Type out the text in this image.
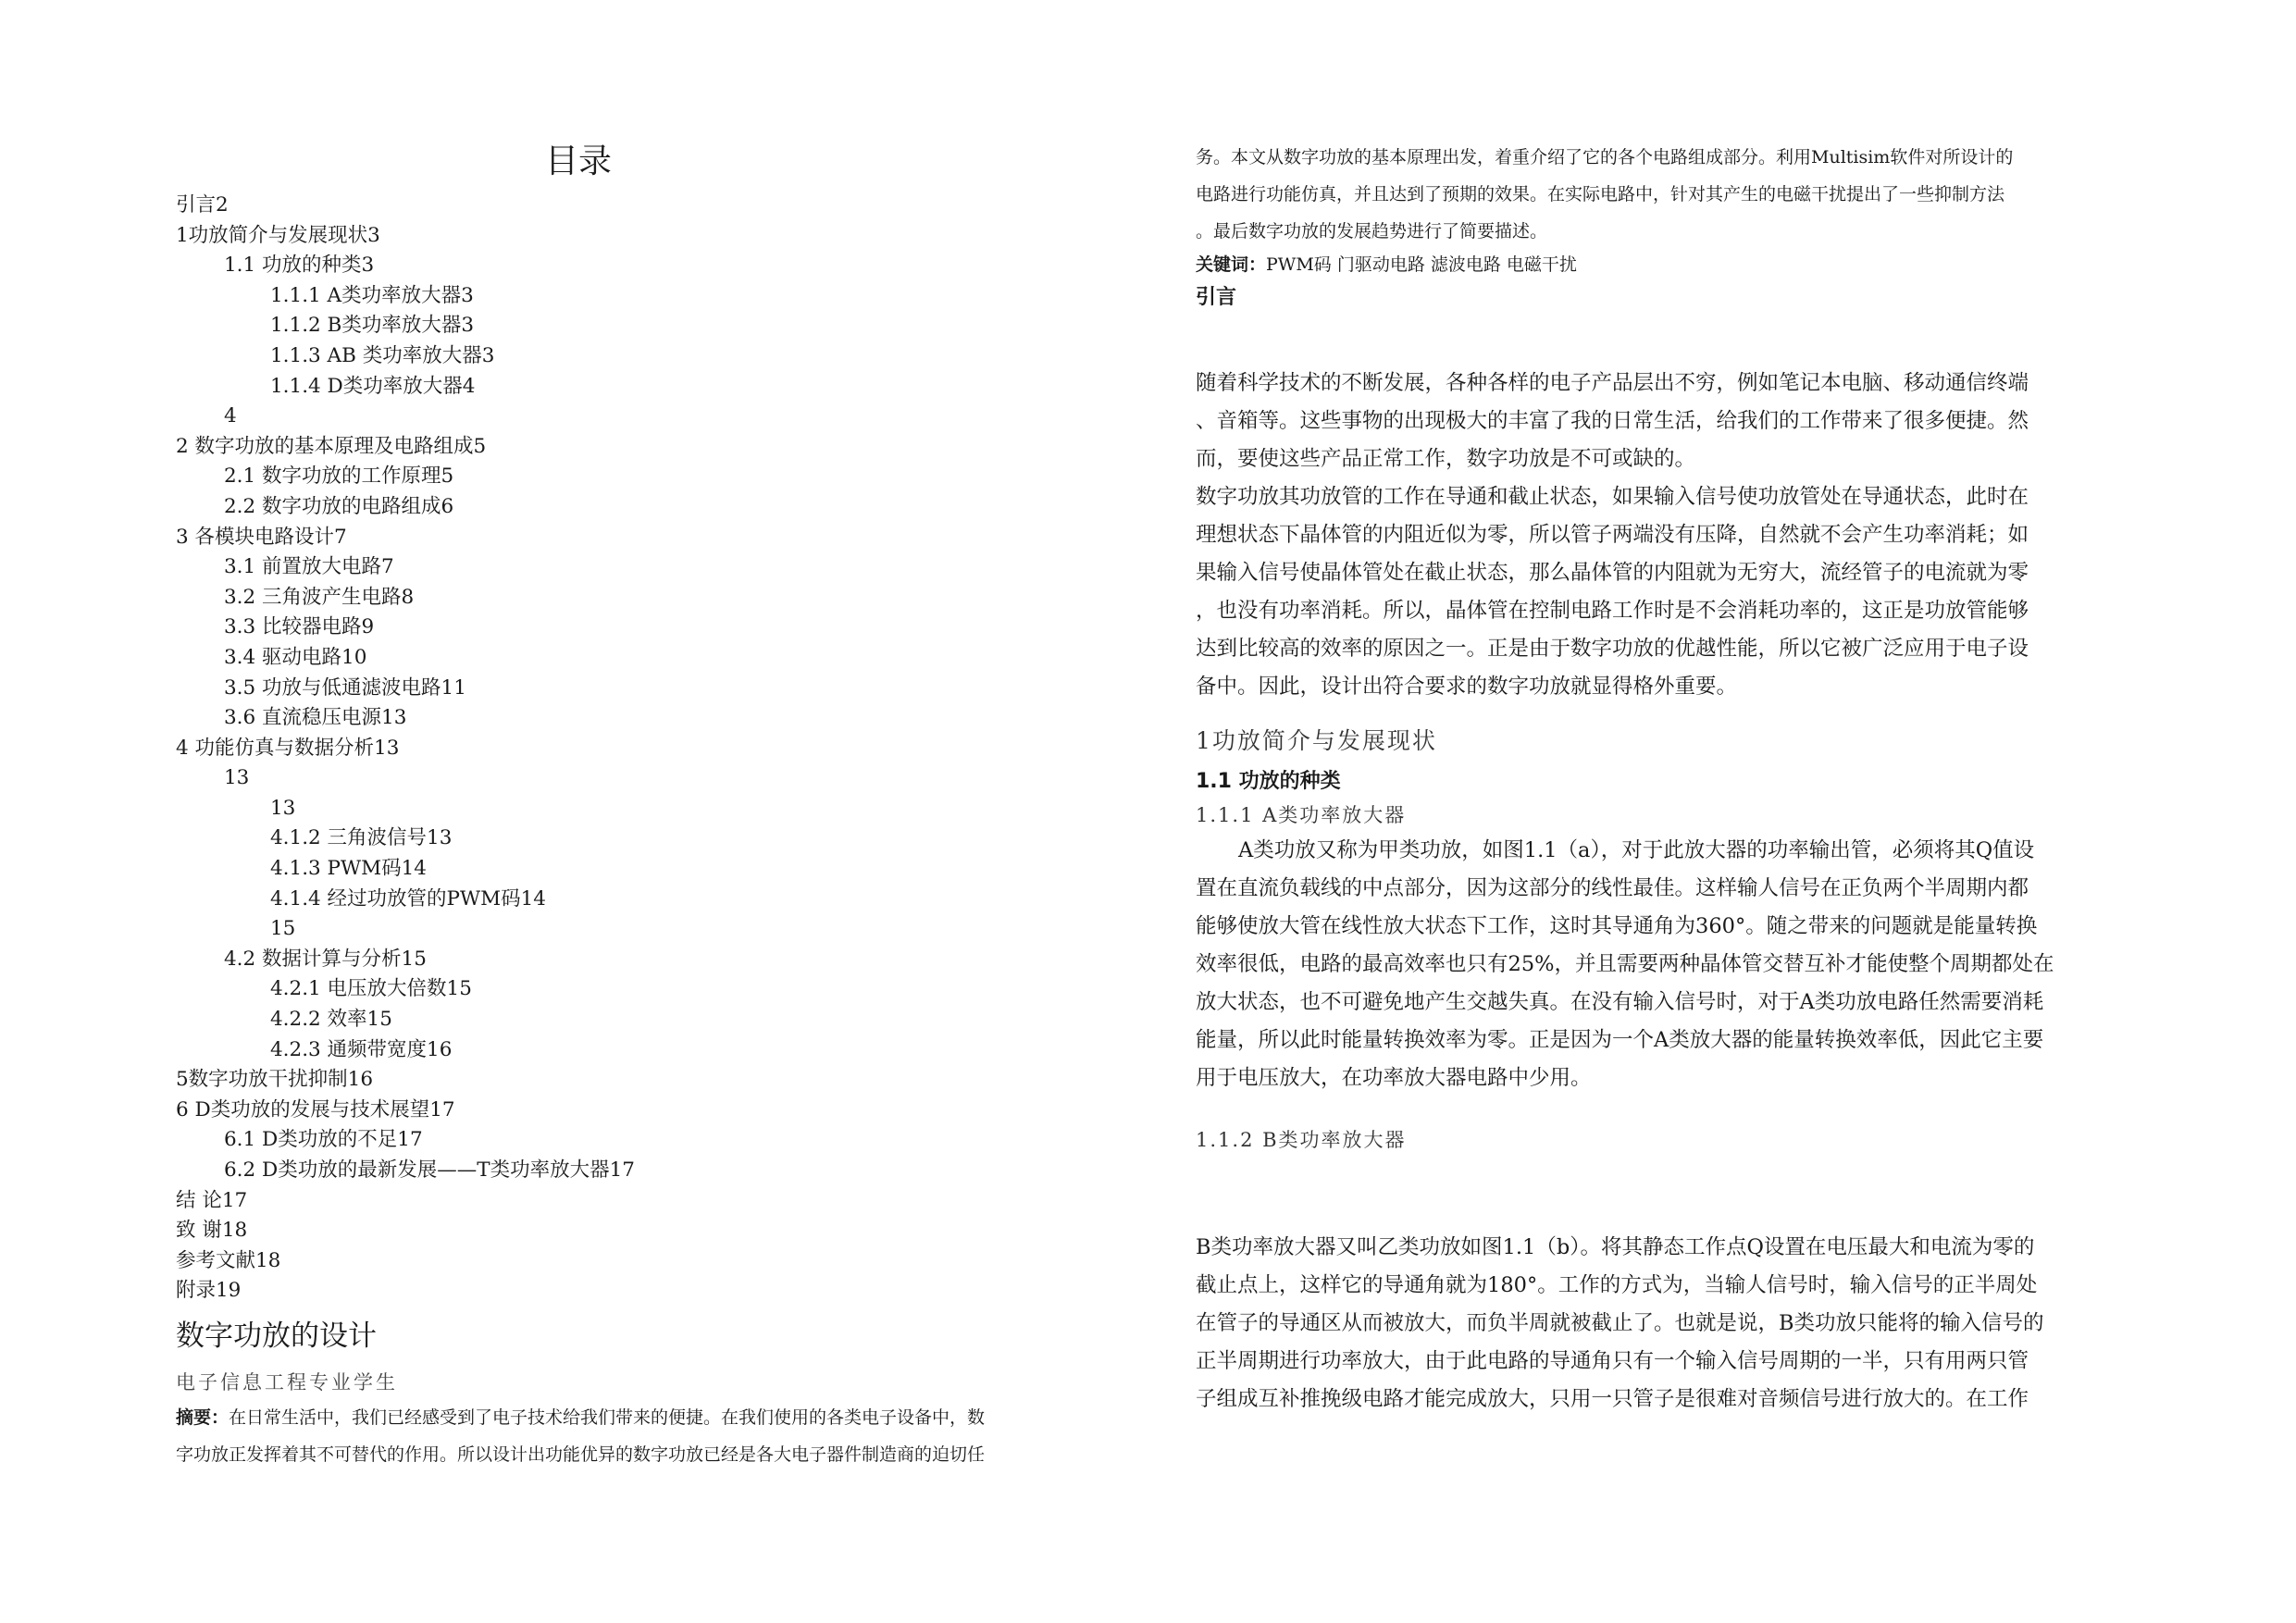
目录
引言2
1功放简介与发展现状3
1.1 功放的种类3
1.1.1 A类功率放大器3
1.1.2 B类功率放大器3
1.1.3 AB 类功率放大器3
1.1.4 D类功率放大器4
4
2 数字功放的基本原理及电路组成5
2.1 数字功放的工作原理5
2.2 数字功放的电路组成6
3 各模块电路设计7
3.1 前置放大电路7
3.2 三角波产生电路8
3.3 比较器电路9
3.4 驱动电路10
3.5 功放与低通滤波电路11
3.6 直流稳压电源13
4 功能仿真与数据分析13
13
13
4.1.2 三角波信号13
4.1.3 PWM码14
4.1.4 经过功放管的PWM码14
15
4.2 数据计算与分析15
4.2.1 电压放大倍数15
4.2.2 效率15
4.2.3 通频带宽度16
5数字功放干扰抑制16
6 D类功放的发展与技术展望17
6.1 D类功放的不足17
6.2 D类功放的最新发展——T类功率放大器17
结 论17
致 谢18
参考文献18
附录19
数字功放的设计
电子信息工程专业学生
摘要：在日常生活中，我们已经感受到了电子技术给我们带来的便捷。在我们使用的各类电子设备中，数
字功放正发挥着其不可替代的作用。所以设计出功能优异的数字功放已经是各大电子器件制造商的迫切任
务。本文从数字功放的基本原理出发，着重介绍了它的各个电路组成部分。利用Multisim软件对所设计的
电路进行功能仿真，并且达到了预期的效果。在实际电路中，针对其产生的电磁干扰提出了一些抑制方法
。最后数字功放的发展趋势进行了简要描述。
关键词：PWM码 门驱动电路 滤波电路 电磁干扰
引言
随着科学技术的不断发展，各种各样的电子产品层出不穷，例如笔记本电脑、移动通信终端
、音箱等。这些事物的出现极大的丰富了我的日常生活，给我们的工作带来了很多便捷。然
而，要使这些产品正常工作，数字功放是不可或缺的。
数字功放其功放管的工作在导通和截止状态，如果输入信号使功放管处在导通状态，此时在
理想状态下晶体管的内阻近似为零，所以管子两端没有压降，自然就不会产生功率消耗；如
果输入信号使晶体管处在截止状态，那么晶体管的内阻就为无穷大，流经管子的电流就为零
，也没有功率消耗。所以，晶体管在控制电路工作时是不会消耗功率的，这正是功放管能够
达到比较高的效率的原因之一。正是由于数字功放的优越性能，所以它被广泛应用于电子设
备中。因此，设计出符合要求的数字功放就显得格外重要。
1功放简介与发展现状
1.1 功放的种类
1.1.1 A类功率放大器
A类功放又称为甲类功放，如图1.1（a），对于此放大器的功率输出管，必须将其Q值设
置在直流负载线的中点部分，因为这部分的线性最佳。这样输人信号在正负两个半周期内都
能够使放大管在线性放大状态下工作，这时其导通角为360°。随之带来的问题就是能量转换
效率很低，电路的最高效率也只有25%，并且需要两种晶体管交替互补才能使整个周期都处在
放大状态，也不可避免地产生交越失真。在没有输入信号时，对于A类功放电路任然需要消耗
能量，所以此时能量转换效率为零。正是因为一个A类放大器的能量转换效率低，因此它主要
用于电压放大，在功率放大器电路中少用。
1.1.2 B类功率放大器
B类功率放大器又叫乙类功放如图1.1（b）。将其静态工作点Q设置在电压最大和电流为零的
截止点上，这样它的导通角就为180°。工作的方式为，当输人信号时，输入信号的正半周处
在管子的导通区从而被放大，而负半周就被截止了。也就是说，B类功放只能将的输入信号的
正半周期进行功率放大，由于此电路的导通角只有一个输入信号周期的一半，只有用两只管
子组成互补推挽级电路才能完成放大，只用一只管子是很难对音频信号进行放大的。在工作
